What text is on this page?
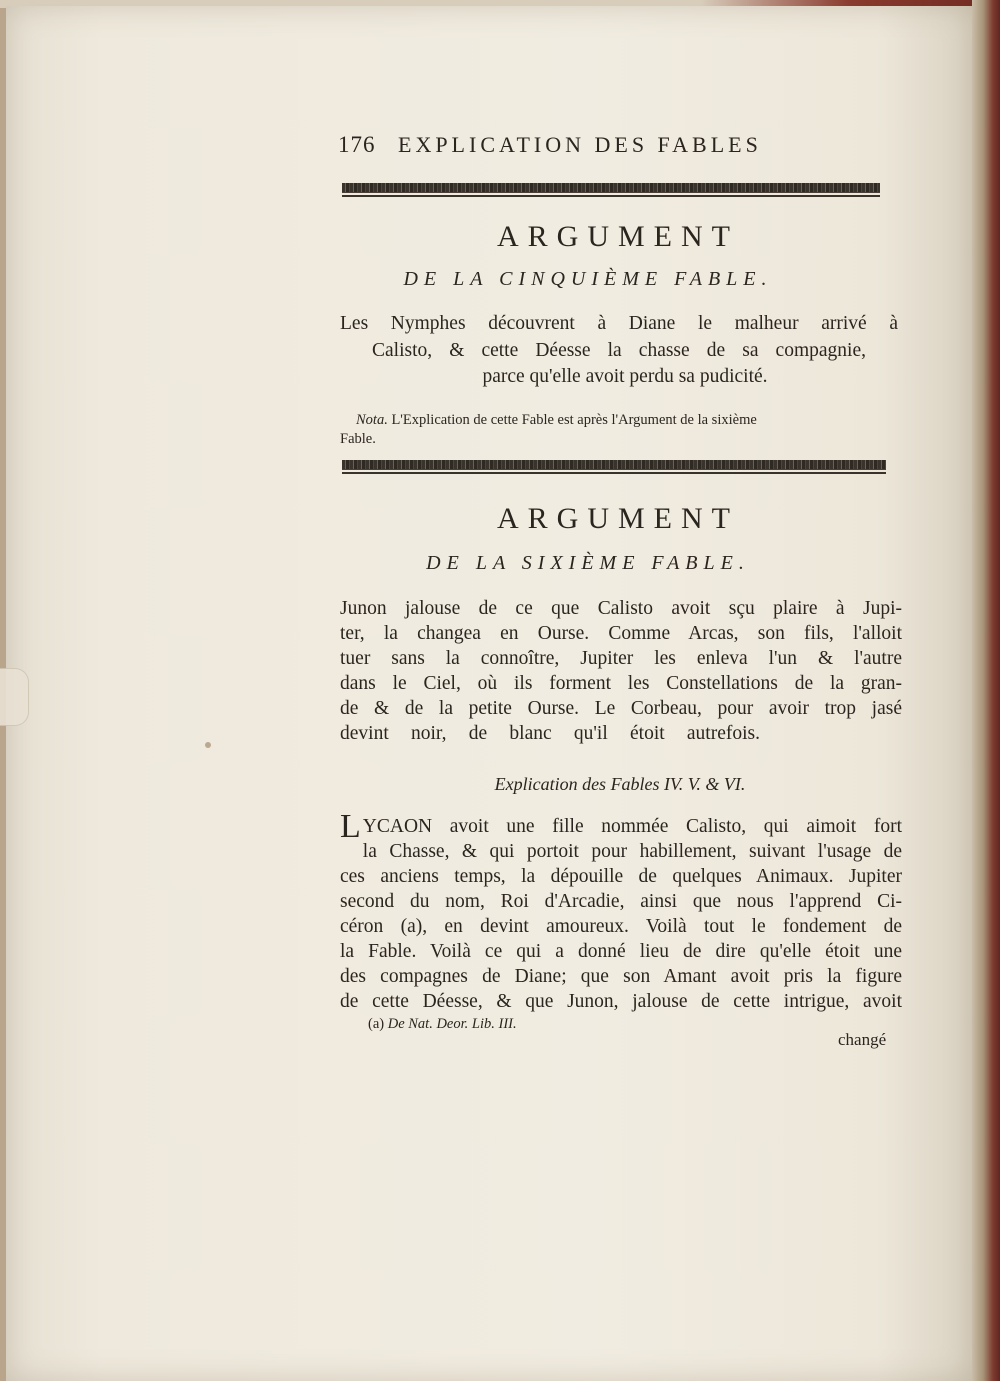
176 EXPLICATION DES FABLES
ARGUMENT
DE LA CINQUIÈME FABLE.
Les Nymphes découvrent à Diane le malheur arrivé à
Calisto, & cette Déesse la chasse de sa compagnie,
parce qu'elle avoit perdu sa pudicité.
Nota. L'Explication de cette Fable est après l'Argument de la sixième
Fable.
ARGUMENT
DE LA SIXIÈME FABLE.
Junon jalouse de ce que Calisto avoit sçu plaire à Jupi-
ter, la changea en Ourse. Comme Arcas, son fils, l'alloit
tuer sans la connoître, Jupiter les enleva l'un & l'autre
dans le Ciel, où ils forment les Constellations de la gran-
de & de la petite Ourse. Le Corbeau, pour avoir trop jasé
devint noir, de blanc qu'il étoit autrefois.
Explication des Fables IV. V. & VI.
LYCAON avoit une fille nommée Calisto, qui aimoit fort
la Chasse, & qui portoit pour habillement, suivant l'usage de
ces anciens temps, la dépouille de quelques Animaux. Jupiter
second du nom, Roi d'Arcadie, ainsi que nous l'apprend Ci-
céron (a), en devint amoureux. Voilà tout le fondement de
la Fable. Voilà ce qui a donné lieu de dire qu'elle étoit une
des compagnes de Diane; que son Amant avoit pris la figure
de cette Déesse, & que Junon, jalouse de cette intrigue, avoit
(a) De Nat. Deor. Lib. III.
changé
